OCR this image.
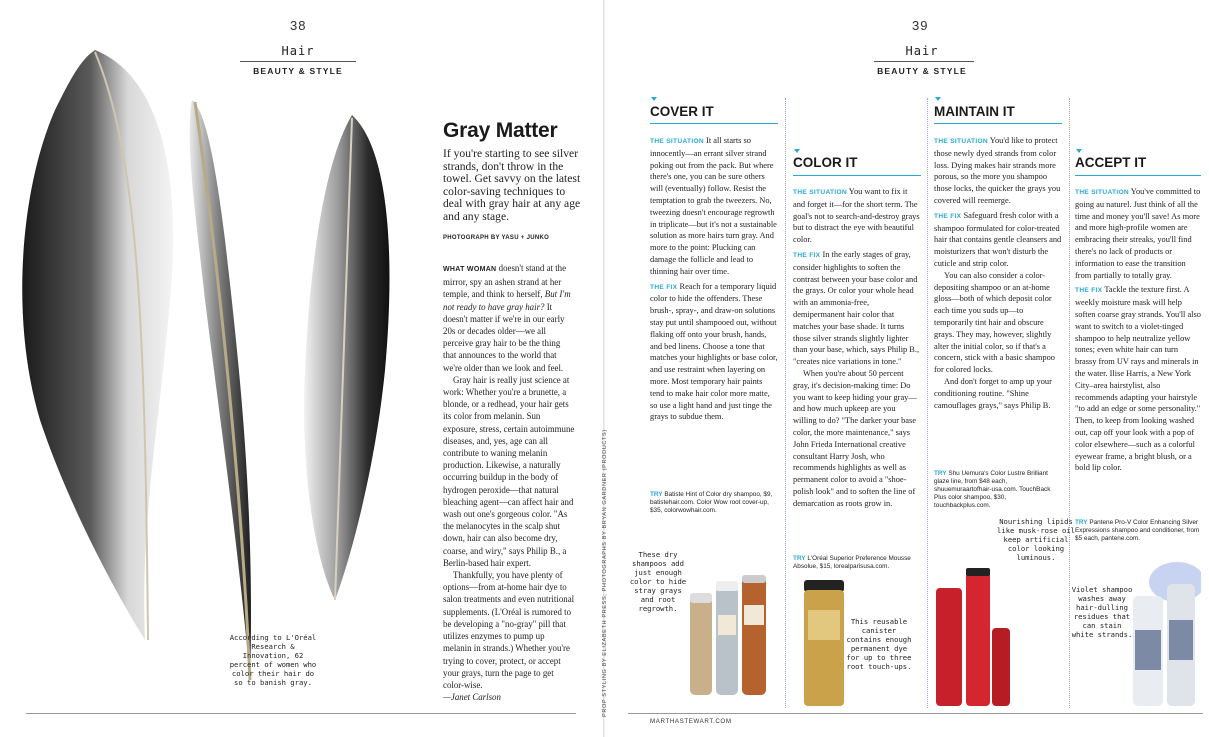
38
Hair
BEAUTY & STYLE
Gray Matter
If you're starting to see silver strands, don't throw in the towel. Get savvy on the latest color-saving techniques to deal with gray hair at any age and any stage.
PHOTOGRAPH BY YASU + JUNKO

WHAT WOMAN doesn't stand at the mirror, spy an ashen strand at her temple, and think to herself, But I'm not ready to have gray hair? It doesn't matter if we're in our early 20s or decades older—we all perceive gray hair to be the thing that announces to the world that we're older than we look and feel.

Gray hair is really just science at work: Whether you're a brunette, a blonde, or a redhead, your hair gets its color from melanin. Sun exposure, stress, certain autoimmune diseases, and, yes, age can all contribute to waning melanin production. Likewise, a naturally occurring buildup in the body of hydrogen peroxide—that natural bleaching agent—can affect hair and wash out one's gorgeous color. "As the melanocytes in the scalp shut down, hair can also become dry, coarse, and wiry," says Philip B., a Berlin-based hair expert.

Thankfully, you have plenty of options—from at-home hair dye to salon treatments and even nutritional supplements. (L'Oréal is rumored to be developing a "no-gray" pill that utilizes enzymes to pump up melanin in strands.) Whether you're trying to cover, protect, or accept your grays, turn the page to get color-wise.

—Janet Carlson

According to L'Oréal Research & Innovation, 62 percent of women who color their hair do so to banish gray.	PROP STYLING BY ELIZABETH PRESS; PHOTOGRAPHS BY BRYAN GARDNER (PRODUCTS)
39
Hair
BEAUTY & STYLE
COVER IT

THE SITUATION It all starts so innocently—an errant silver strand poking out from the pack. But where there's one, you can be sure others will (eventually) follow. Resist the temptation to grab the tweezers. No, tweezing doesn't encourage regrowth in triplicate—but it's not a sustainable solution as more hairs turn gray. And more to the point: Plucking can damage the follicle and lead to thinning hair over time.

THE FIX Reach for a temporary liquid color to hide the offenders. These brush-, spray-, and draw-on solutions stay put until shampooed out, without flaking off onto your brush, hands, and bed linens. Choose a tone that matches your highlights or base color, and use restraint when layering on more. Most temporary hair paints tend to make hair color more matte, so use a light hand and just tinge the grays to subdue them.

TRY Batiste Hint of Color dry shampoo, $9, batistehair.com. Color Wow root cover-up, $35, colorwowhair.com.
These dry shampoos add just enough color to hide stray grays and root regrowth.
COLOR IT

THE SITUATION You want to fix it and forget it—for the short term. The goal's not to search-and-destroy grays but to distract the eye with beautiful color.

THE FIX In the early stages of gray, consider highlights to soften the contrast between your base color and the grays. Or color your whole head with an ammonia-free, demipermanent hair color that matches your base shade. It turns those silver strands slightly lighter than your base, which, says Philip B., "creates nice variations in tone."

When you're about 50 percent gray, it's decision-making time: Do you want to keep hiding your gray—and how much upkeep are you willing to do? "The darker your base color, the more maintenance," says John Frieda International creative consultant Harry Josh, who recommends highlights as well as permanent color to avoid a "shoe-polish look" and to soften the line of demarcation as roots grow in.

TRY L'Oréal Superior Preference Mousse Absolue, $15, lorealparisusa.com.
This reusable canister contains enough permanent dye for up to three root touch-ups.
MAINTAIN IT

THE SITUATION You'd like to protect those newly dyed strands from color loss. Dying makes hair strands more porous, so the more you shampoo those locks, the quicker the grays you covered will reemerge.

THE FIX Safeguard fresh color with a shampoo formulated for color-treated hair that contains gentle cleansers and moisturizers that won't disturb the cuticle and strip color.

You can also consider a color-depositing shampoo or an at-home gloss—both of which deposit color each time you suds up—to temporarily tint hair and obscure grays. They may, however, slightly alter the initial color, so if that's a concern, stick with a basic shampoo for colored locks.

And don't forget to amp up your conditioning routine. "Shine camouflages grays," says Philip B.

TRY Shu Uemura's Color Lustre Brilliant glaze line, from $48 each, shuuemuraartofhair-usa.com. TouchBack Plus color shampoo, $30, touchbackplus.com.
Nourishing lipids like musk-rose oil keep artificial color looking luminous.
ACCEPT IT

THE SITUATION You've committed to going au naturel. Just think of all the time and money you'll save! As more and more high-profile women are embracing their streaks, you'll find there's no lack of products or information to ease the transition from partially to totally gray.

THE FIX Tackle the texture first. A weekly moisture mask will help soften coarse gray strands. You'll also want to switch to a violet-tinged shampoo to help neutralize yellow tones; even white hair can turn brassy from UV rays and minerals in the water. Ilise Harris, a New York City–area hairstylist, also recommends adapting your hairstyle "to add an edge or some personality." Then, to keep from looking washed out, cap off your look with a pop of color elsewhere—such as a colorful eyewear frame, a bright blush, or a bold lip color.

TRY Pantene Pro-V Color Enhancing Silver Expressions shampoo and conditioner, from $5 each, pantene.com.
Violet shampoo washes away hair-dulling residues that can stain white strands.
MARTHASTEWART.COM
